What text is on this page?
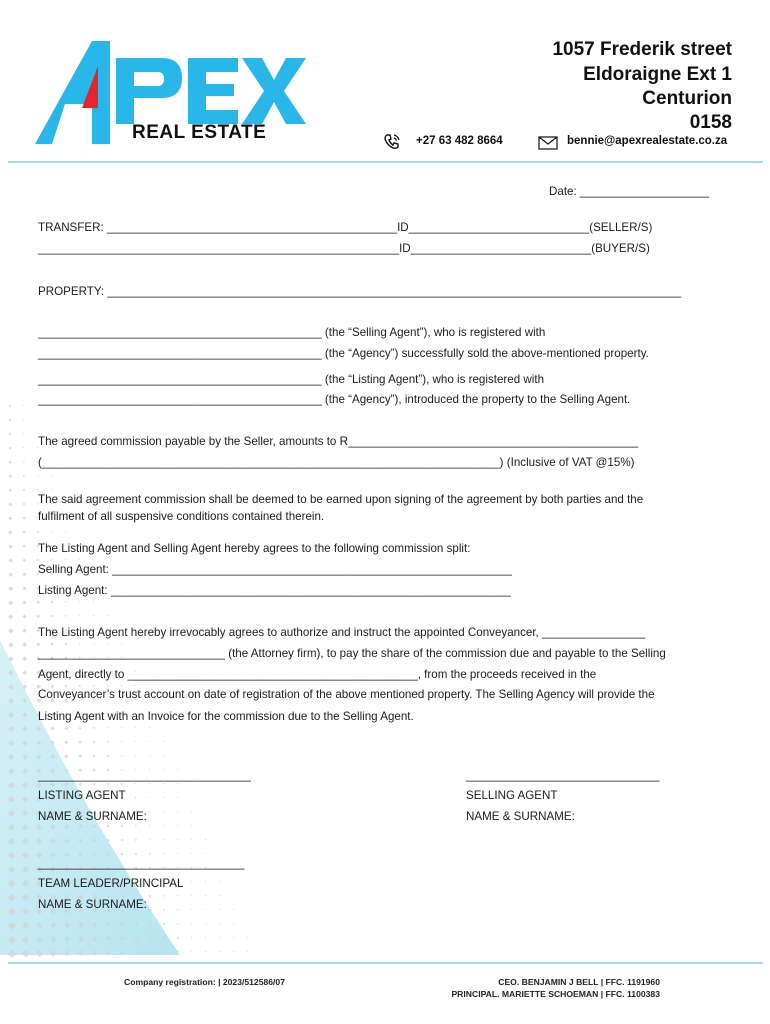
REAL ESTATE
1057 Frederik street
Eldoraigne Ext 1
Centurion
0158
+27 63 482 8664	bennie@apexrealestate.co.za
Date: ____________________
TRANSFER: _____________________________________________ID____________________________(SELLER/S)
________________________________________________________ID____________________________(BUYER/S)
PROPERTY: _________________________________________________________________________________________
____________________________________________ (the “Selling Agent”), who is registered with
____________________________________________ (the “Agency”) successfully sold the above-mentioned property.
____________________________________________ (the “Listing Agent”), who is registered with
____________________________________________ (the “Agency”), introduced the property to the Selling Agent.
The agreed commission payable by the Seller, amounts to R_____________________________________________
(_______________________________________________________________________) (Inclusive of VAT @15%)
The said agreement commission shall be deemed to be earned upon signing of the agreement by both parties and the
fulfilment of all suspensive conditions contained therein.
The Listing Agent and Selling Agent hereby agrees to the following commission split:
Selling Agent: ______________________________________________________________
Listing Agent: ______________________________________________________________
The Listing Agent hereby irrevocably agrees to authorize and instruct the appointed Conveyancer, ________________
_____________________________ (the Attorney firm), to pay the share of the commission due and payable to the Selling
Agent, directly to _____________________________________________, from the proceeds received in the
Conveyancer’s trust account on date of registration of the above mentioned property. The Selling Agency will provide the
Listing Agent with an Invoice for the commission due to the Selling Agent.
_________________________________	______________________________
LISTING AGENT	SELLING AGENT
NAME & SURNAME:	NAME & SURNAME:
________________________________
TEAM LEADER/PRINCIPAL
NAME & SURNAME:
Company registration: | 2023/512586/07	CEO. BENJAMIN J BELL | FFC. 1191960
PRINCIPAL. MARIETTE SCHOEMAN | FFC. 1100383
